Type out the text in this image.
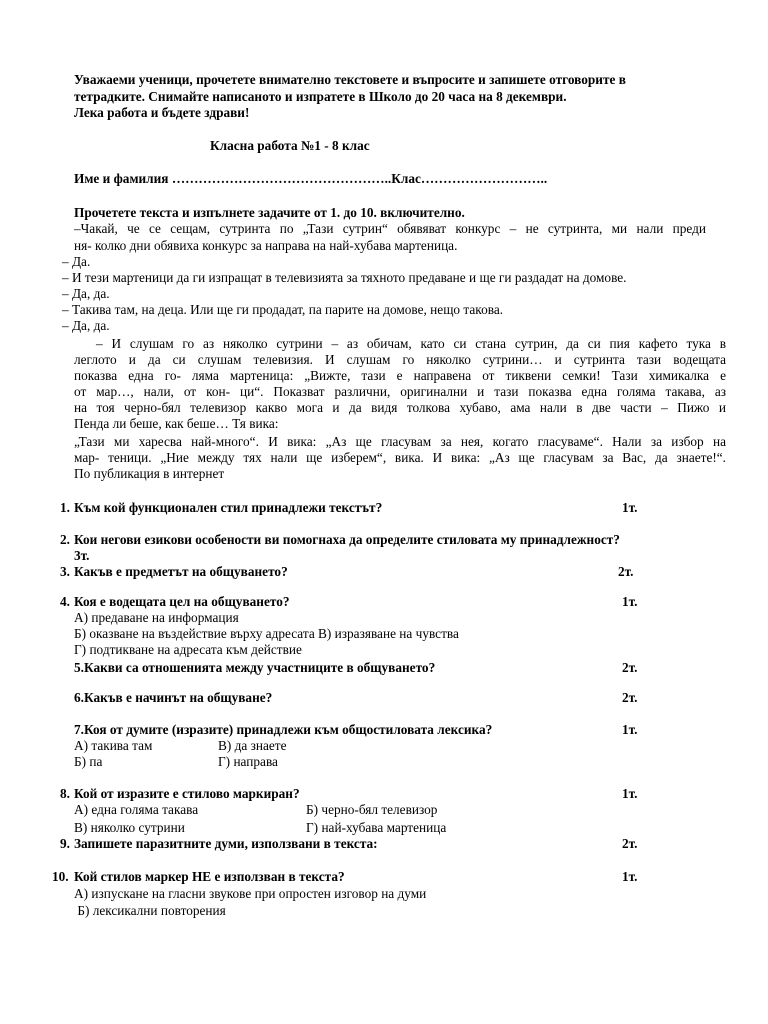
Уважаеми ученици, прочетете внимателно текстовете и въпросите и запишете отговорите в
тетрадките. Снимайте написаното и изпратете в Школо до 20 часа на 8 декември.
Лека работа и бъдете здрави!
Класна работа №1 - 8 клас
Име и фамилия …………………………………………..Клас………………………..
Прочетете текста и изпълнете задачите от 1. до 10. включително.
–Чакай, че се сещам, сутринта по „Тази сутрин“ обявяват конкурс – не сутринта, ми нали преди
ня- колко дни обявиха конкурс за направа на най-хубава мартеница.
– Да.
– И тези мартеници да ги изпращат в телевизията за тяхното предаване и ще ги раздадат на домове.
– Да, да.
– Такива там, на деца. Или ще ги продадат, па парите на домове, нещо такова.
– Да, да.
– И слушам го аз няколко сутрини – аз обичам, като си стана сутрин, да си пия кафето тука в
леглото и да си слушам телевизия. И слушам го няколко сутрини… и сутринта тази водещата
показва една го- ляма мартеница: „Вижте, тази е направена от тиквени семки! Тази химикалка е
от мар…, нали, от кон- ци“. Показват различни, оригинални и тази показва една голяма такава, аз
на тоя черно-бял телевизор какво мога и да видя толкова хубаво, ама нали в две части – Пижо и
Пенда ли беше, как беше… Тя вика:
„Тази ми харесва най-много“. И вика: „Аз ще гласувам за нея, когато гласуваме“. Нали за избор на
мар- теници. „Ние между тях нали ще изберем“, вика. И вика: „Аз ще гласувам за Вас, да знаете!“.
По публикация в интернет
1. Към кой функционален стил принадлежи текстът?	1т.
2. Кои негови езикови особености ви помогнаха да определите стиловата му принадлежност?
3т.
3. Какъв е предметът на общуването?	2т.
4. Коя е водещата цел на общуването?	1т.
А) предаване на информация
Б) оказване на въздействие върху адресата В) изразяване на чувства
Г) подтикване на адресата към действие
5.Какви са отношенията между участниците в общуването?	2т.
6.Какъв е начинът на общуване?	2т.
7.Коя от думите (изразите) принадлежи към общостиловата лексика?	1т.
А) такива там	В) да знаете
Б) па	Г) направа
8. Кой от изразите е стилово маркиран?	1т.
А) една голяма такава	Б) черно-бял телевизор
В) няколко сутрини	Г) най-хубава мартеница
9. Запишете паразитните думи, използвани в текста:	2т.
10. Кой стилов маркер НЕ е използван в текста?	1т.
А) изпускане на гласни звукове при опростен изговор на думи
Б) лексикални повторения
